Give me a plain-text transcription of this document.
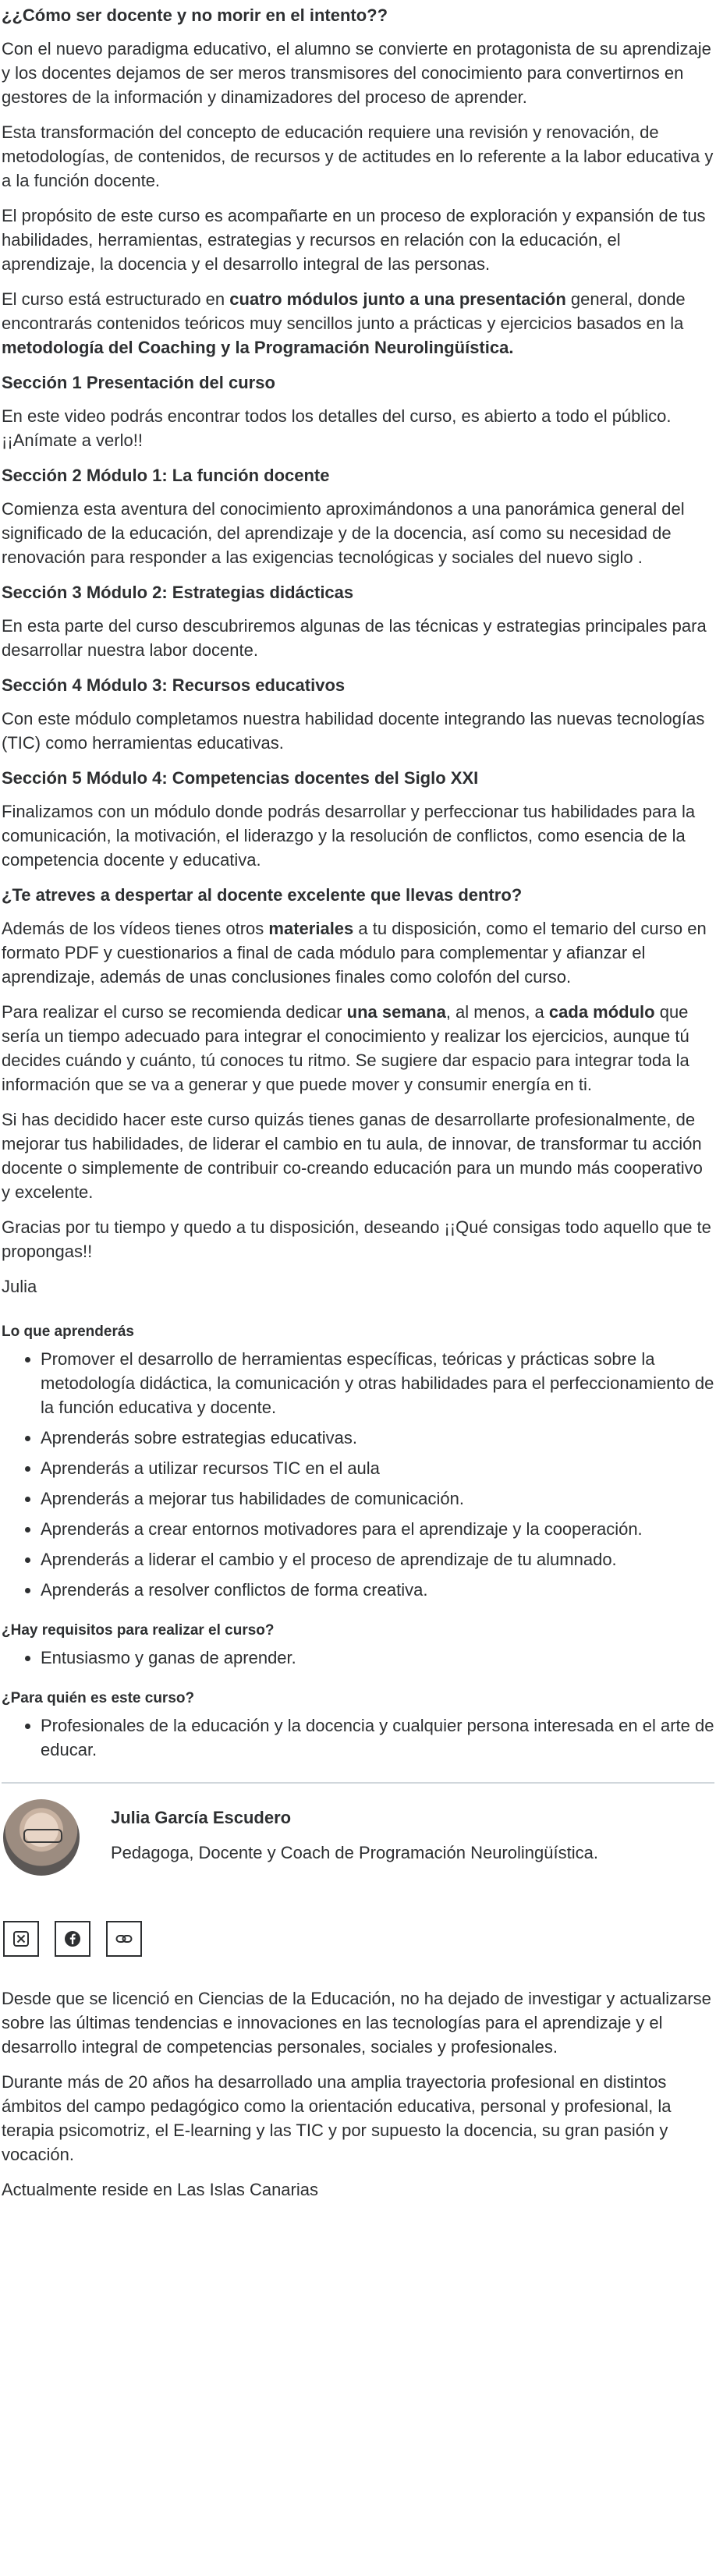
¿¿Cómo ser docente y no morir en el intento??

Con el nuevo paradigma educativo, el alumno se convierte en protagonista de su aprendizaje y los docentes dejamos de ser meros transmisores del conocimiento para convertirnos en gestores de la información y dinamizadores del proceso de aprender.

Esta transformación del concepto de educación requiere una revisión y renovación, de metodologías, de contenidos, de recursos y de actitudes en lo referente a la labor educativa y a la función docente.

El propósito de este curso es acompañarte en un proceso de exploración y expansión de tus habilidades, herramientas, estrategias y recursos en relación con la educación, el aprendizaje, la docencia y el desarrollo integral de las personas.

El curso está estructurado en cuatro módulos junto a una presentación general, donde encontrarás contenidos teóricos muy sencillos junto a prácticas y ejercicios basados en la metodología del Coaching y la Programación Neurolingüística.

Sección 1 Presentación del curso

En este video podrás encontrar todos los detalles del curso, es abierto a todo el público. ¡¡Anímate a verlo!!

Sección 2 Módulo 1: La función docente

Comienza esta aventura del conocimiento aproximándonos a una panorámica general del significado de la educación, del aprendizaje y de la docencia, así como su necesidad de renovación para responder a las exigencias tecnológicas y sociales del nuevo siglo .

Sección 3 Módulo 2: Estrategias didácticas

En esta parte del curso descubriremos algunas de las técnicas y estrategias principales para desarrollar nuestra labor docente.

Sección 4 Módulo 3: Recursos educativos

Con este módulo completamos nuestra habilidad docente integrando las nuevas tecnologías (TIC) como herramientas educativas.

Sección 5 Módulo 4: Competencias docentes del Siglo XXI

Finalizamos con un módulo donde podrás desarrollar y perfeccionar tus habilidades para la comunicación, la motivación, el liderazgo y la resolución de conflictos, como esencia de la competencia docente y educativa.

¿Te atreves a despertar al docente excelente que llevas dentro?

Además de los vídeos tienes otros materiales a tu disposición, como el temario del curso en formato PDF y cuestionarios a final de cada módulo para complementar y afianzar el aprendizaje, además de unas conclusiones finales como colofón del curso.

Para realizar el curso se recomienda dedicar una semana, al menos, a cada módulo que sería un tiempo adecuado para integrar el conocimiento y realizar los ejercicios, aunque tú decides cuándo y cuánto, tú conoces tu ritmo. Se sugiere dar espacio para integrar toda la información que se va a generar y que puede mover y consumir energía en ti.

Si has decidido hacer este curso quizás tienes ganas de desarrollarte profesionalmente, de mejorar tus habilidades, de liderar el cambio en tu aula, de innovar, de transformar tu acción docente o simplemente de contribuir co-creando educación para un mundo más cooperativo y excelente.

Gracias por tu tiempo y quedo a tu disposición, deseando ¡¡Qué consigas todo aquello que te propongas!!

Julia

Lo que aprenderás
• Promover el desarrollo de herramientas específicas, teóricas y prácticas sobre la metodología didáctica, la comunicación y otras habilidades para el perfeccionamiento de la función educativa y docente.
• Aprenderás sobre estrategias educativas.
• Aprenderás a utilizar recursos TIC en el aula
• Aprenderás a mejorar tus habilidades de comunicación.
• Aprenderás a crear entornos motivadores para el aprendizaje y la cooperación.
• Aprenderás a liderar el cambio y el proceso de aprendizaje de tu alumnado.
• Aprenderás a resolver conflictos de forma creativa.
¿Hay requisitos para realizar el curso?
• Entusiasmo y ganas de aprender.
¿Para quién es este curso?
• Profesionales de la educación y la docencia y cualquier persona interesada en el arte de educar.

Julia García Escudero

Pedagoga, Docente y Coach de Programación Neurolingüística.

Desde que se licenció en Ciencias de la Educación, no ha dejado de investigar y actualizarse sobre las últimas tendencias e innovaciones en las tecnologías para el aprendizaje y el desarrollo integral de competencias personales, sociales y profesionales.

Durante más de 20 años ha desarrollado una amplia trayectoria profesional en distintos ámbitos del campo pedagógico como la orientación educativa, personal y profesional, la terapia psicomotriz, el E-learning y las TIC y por supuesto la docencia, su gran pasión y vocación.

Actualmente reside en Las Islas Canarias
